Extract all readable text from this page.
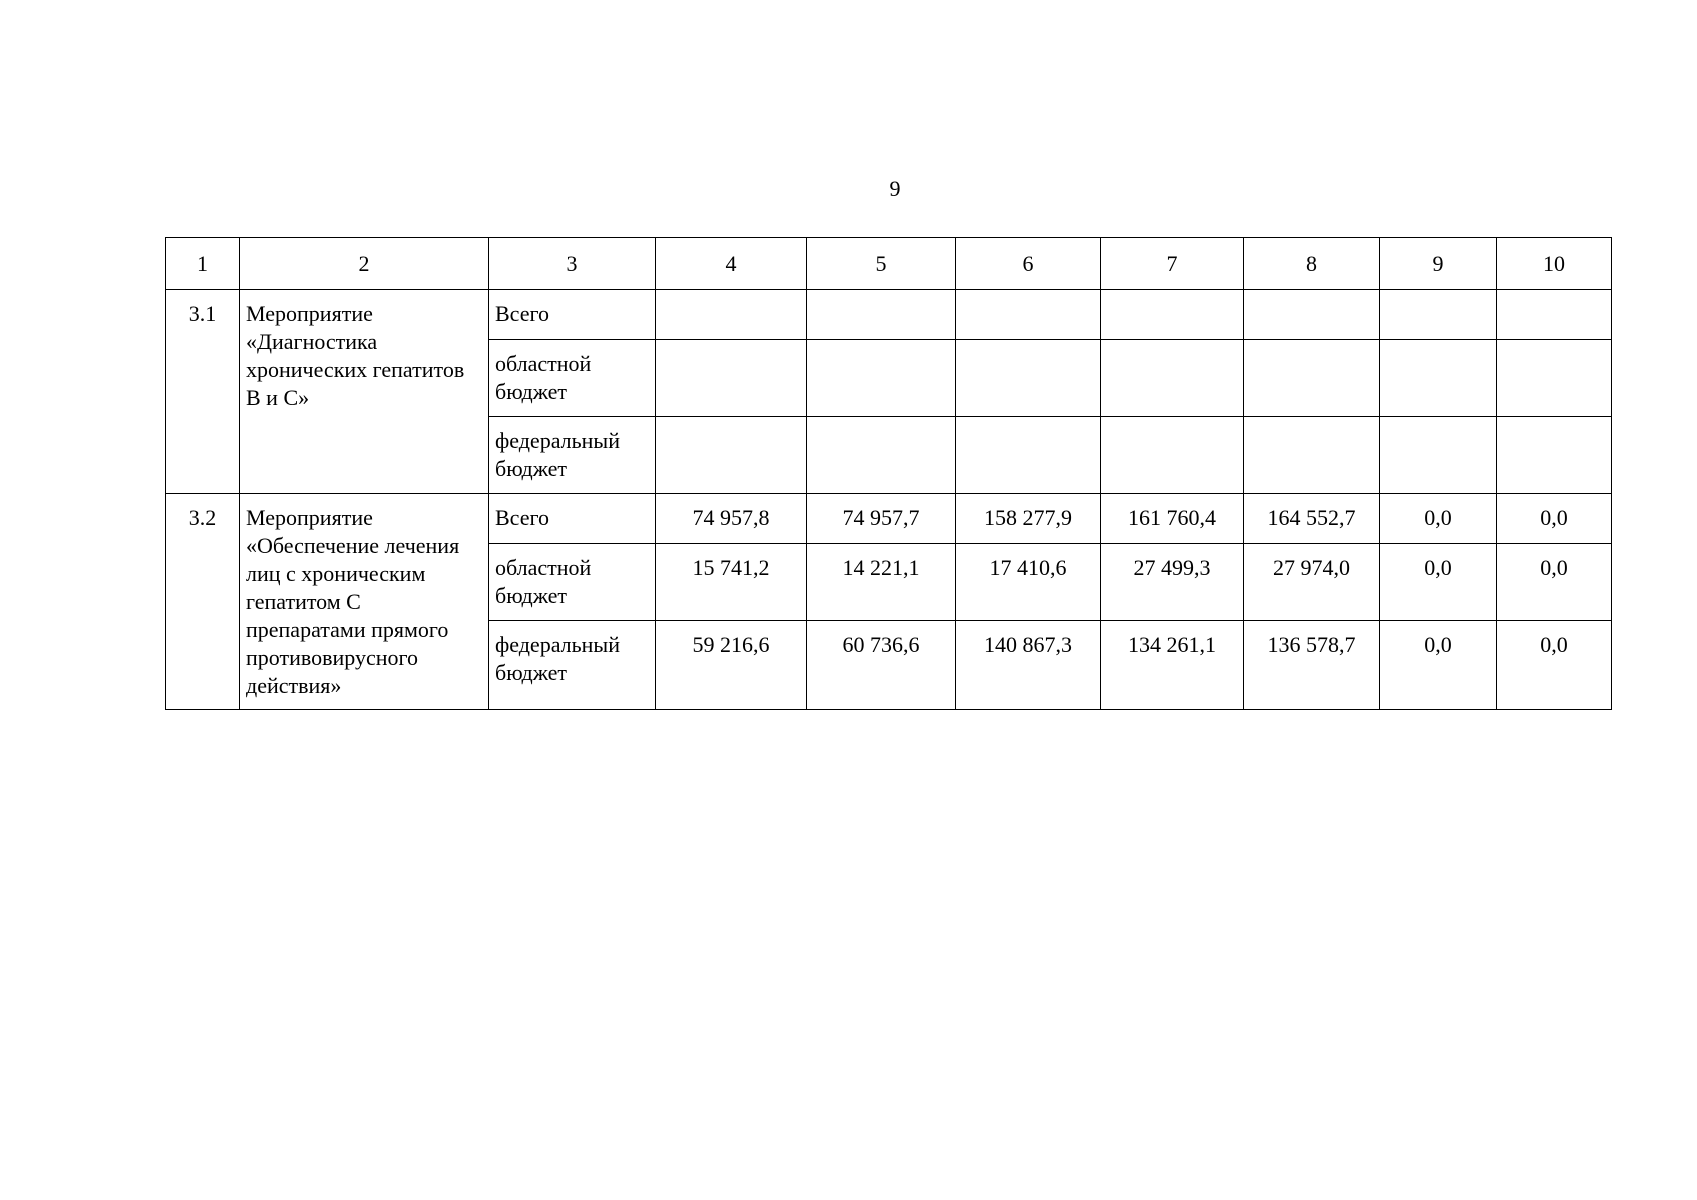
9
1	2	3	4	5	6	7	8	9	10
3.1	Мероприятие «Диагностика хронических гепатитов B и C»	Всего							
		областной бюджет							
		федеральный бюджет							
3.2	Мероприятие «Обеспечение лечения лиц с хроническим гепатитом C препаратами прямого противовирусного действия»	Всего	74 957,8	74 957,7	158 277,9	161 760,4	164 552,7	0,0	0,0
		областной бюджет	15 741,2	14 221,1	17 410,6	27 499,3	27 974,0	0,0	0,0
		федеральный бюджет	59 216,6	60 736,6	140 867,3	134 261,1	136 578,7	0,0	0,0
